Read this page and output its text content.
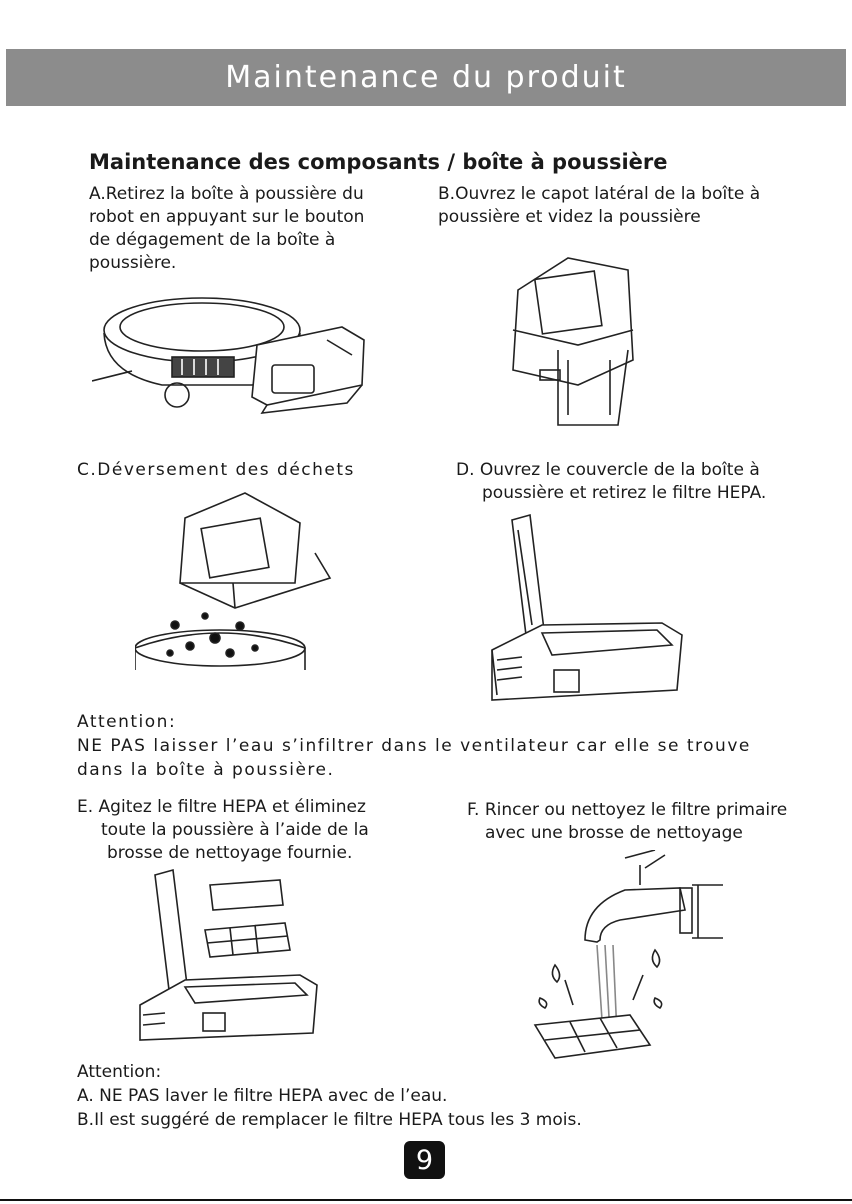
Maintenance du produit
Maintenance des composants / boîte à poussière
A.Retirez la boîte à poussière du
robot en appuyant sur le bouton
de dégagement de la boîte à
poussière.
B.Ouvrez le capot latéral de la boîte à
poussière et videz la poussière
C.Déversement des déchets	D. Ouvrez le couvercle de la boîte à
poussière et retirez le filtre HEPA.
Attention:
NE PAS laisser l’eau s’infiltrer dans le ventilateur car elle se trouve
dans la boîte à poussière.
E. Agitez le filtre HEPA et éliminez
toute la poussière à l’aide de la
brosse de nettoyage fournie.
F. Rincer ou nettoyez le filtre primaire
avec une brosse de nettoyage
Attention:
A. NE PAS laver le filtre HEPA avec de l’eau.
B.Il est suggéré de remplacer le filtre HEPA tous les 3 mois.
9
